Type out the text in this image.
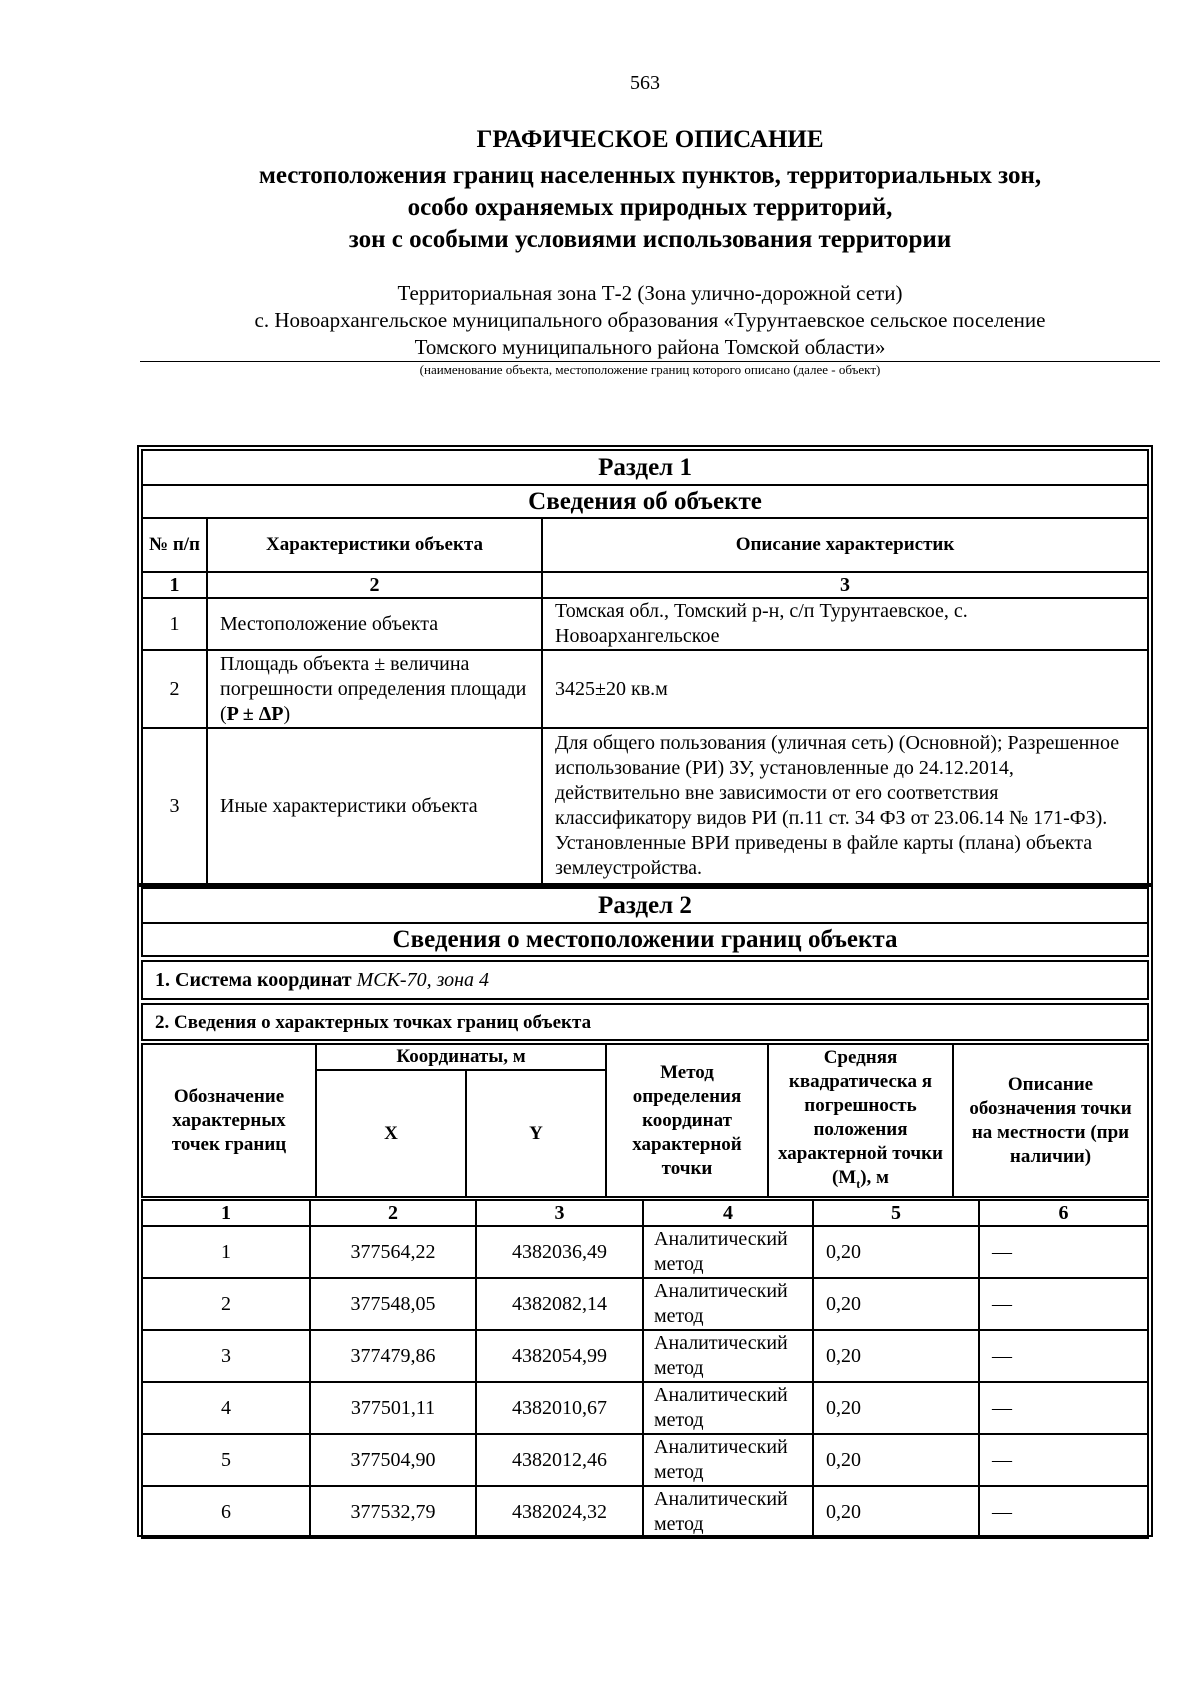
563
ГРАФИЧЕСКОЕ ОПИСАНИЕ
местоположения границ населенных пунктов, территориальных зон,
особо охраняемых природных территорий,
зон с особыми условиями использования территории
Территориальная зона Т-2 (Зона улично-дорожной сети)
с. Новоархангельское муниципального образования «Турунтаевское сельское поселение
Томского муниципального района Томской области»
(наименование объекта, местоположение границ которого описано (далее - объект)
Раздел 1		
Сведения об объекте		
№ п/п	Характеристики объекта	Описание характеристик
1	2	3
1	Местоположение объекта	Томская обл., Томский р-н, с/п Турунтаевское, с. Новоархангельское
2	Площадь объекта ± величина погрешности определения площади (P ± ΔP)	3425±20 кв.м
3	Иные характеристики объекта	Для общего пользования (уличная сеть) (Основной); Разрешенное использование (РИ) ЗУ, установленные до 24.12.2014, действительно вне зависимости от его соответствия классификатору видов РИ (п.11 ст. 34 ФЗ от 23.06.14 № 171-ФЗ). Установленные ВРИ приведены в файле карты (плана) объекта землеустройства.
Раздел 2
Сведения о местоположении границ объекта
1. Система координат МСК-70, зона 4
2. Сведения о характерных точках границ объекта
Обозначение характерных точек границ	Координаты, м		Метод определения координат характерной точки	Средняя квадратическа я погрешность положения характерной точки $(M_t)$, м	Описание обозначения точки на местности (при наличии)
	X	Y			
1	2	3	4	5	6
1	377564,22	4382036,49	Аналитический метод	0,20	—
2	377548,05	4382082,14	Аналитический метод	0,20	—
3	377479,86	4382054,99	Аналитический метод	0,20	—
4	377501,11	4382010,67	Аналитический метод	0,20	—
5	377504,90	4382012,46	Аналитический метод	0,20	—
6	377532,79	4382024,32	Аналитический метод	0,20	—
